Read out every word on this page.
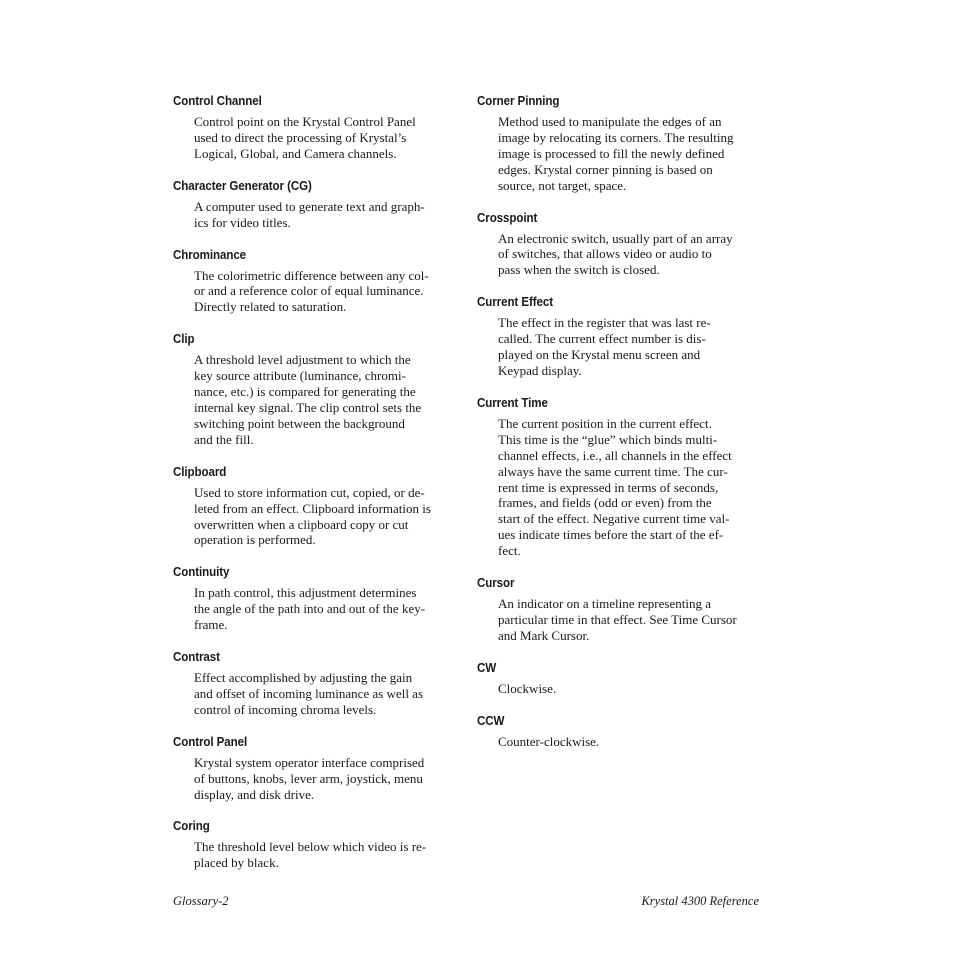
Control Channel
Control point on the Krystal Control Panel
used to direct the processing of Krystal’s
Logical, Global, and Camera channels.
Character Generator (CG)
A computer used to generate text and graph-
ics for video titles.
Chrominance
The colorimetric difference between any col-
or and a reference color of equal luminance.
Directly related to saturation.
Clip
A threshold level adjustment to which the
key source attribute (luminance, chromi-
nance, etc.) is compared for generating the
internal key signal. The clip control sets the
switching point between the background
and the fill.
Clipboard
Used to store information cut, copied, or de-
leted from an effect. Clipboard information is
overwritten when a clipboard copy or cut
operation is performed.
Continuity
In path control, this adjustment determines
the angle of the path into and out of the key-
frame.
Contrast
Effect accomplished by adjusting the gain
and offset of incoming luminance as well as
control of incoming chroma levels.
Control Panel
Krystal system operator interface comprised
of buttons, knobs, lever arm, joystick, menu
display, and disk drive.
Coring
The threshold level below which video is re-
placed by black.
Corner Pinning
Method used to manipulate the edges of an
image by relocating its corners. The resulting
image is processed to fill the newly defined
edges. Krystal corner pinning is based on
source, not target, space.
Crosspoint
An electronic switch, usually part of an array
of switches, that allows video or audio to
pass when the switch is closed.
Current Effect
The effect in the register that was last re-
called. The current effect number is dis-
played on the Krystal menu screen and
Keypad display.
Current Time
The current position in the current effect.
This time is the “glue” which binds multi-
channel effects, i.e., all channels in the effect
always have the same current time. The cur-
rent time is expressed in terms of seconds,
frames, and fields (odd or even) from the
start of the effect. Negative current time val-
ues indicate times before the start of the ef-
fect.
Cursor
An indicator on a timeline representing a
particular time in that effect. See Time Cursor
and Mark Cursor.
CW
Clockwise.
CCW
Counter-clockwise.
Glossary-2	Krystal 4300 Reference
